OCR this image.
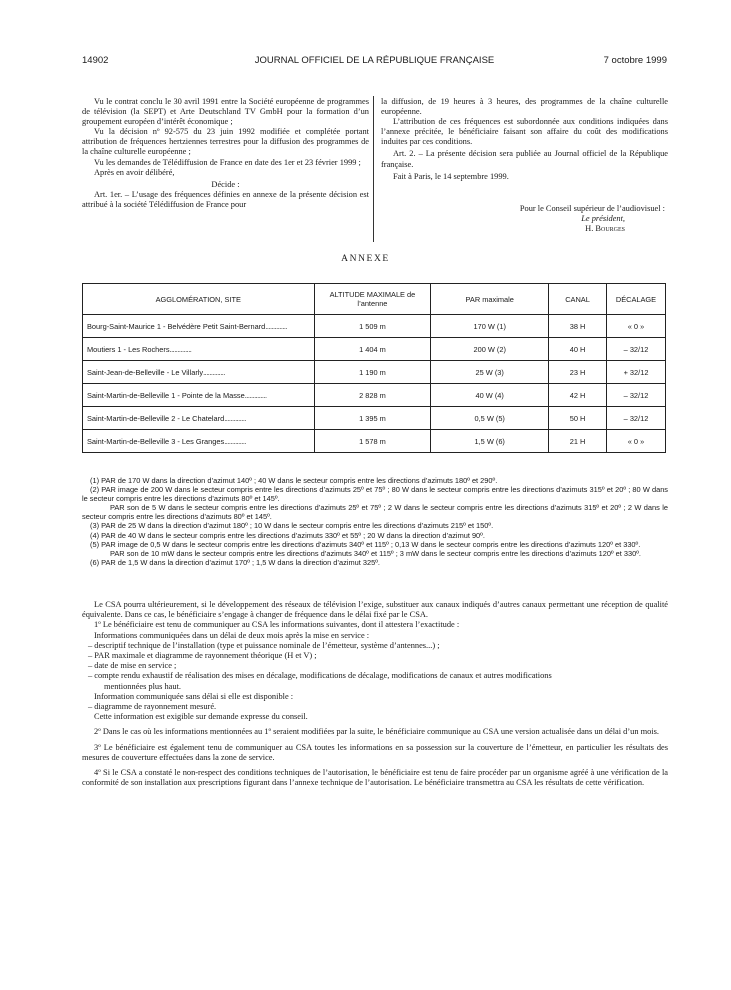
14902	JOURNAL OFFICIEL DE LA RÉPUBLIQUE FRANÇAISE	7 octobre 1999

Vu le contrat conclu le 30 avril 1991 entre la Société européenne de programmes de télévision (la SEPT) et Arte Deutschland TV GmbH pour la formation d’un groupement européen d’intérêt économique ;

Vu la décision nº 92-575 du 23 juin 1992 modifiée et complétée portant attribution de fréquences hertziennes terrestres pour la diffusion des programmes de la chaîne culturelle européenne ;

Vu les demandes de Télédiffusion de France en date des 1er et 23 février 1999 ;

Après en avoir délibéré,

Décide :

Art. 1er. – L’usage des fréquences définies en annexe de la présente décision est attribué à la société Télédiffusion de France pour

la diffusion, de 19 heures à 3 heures, des programmes de la chaîne culturelle européenne.

L’attribution de ces fréquences est subordonnée aux conditions indiquées dans l’annexe précitée, le bénéficiaire faisant son affaire du coût des modifications induites par ces conditions.

Art. 2. – La présente décision sera publiée au Journal officiel de la République française.

Fait à Paris, le 14 septembre 1999.

Pour le Conseil supérieur de l’audiovisuel :
Le président,
H. Bourges
ANNEXE
AGGLOMÉRATION, SITE	ALTITUDE MAXIMALE de l’antenne	PAR maximale	CANAL	DÉCALAGE
Bourg-Saint-Maurice 1 - Belvédère Petit Saint-Bernard..............	1 509 m	170 W (1)	38 H	« 0 »
Moutiers 1 - Les Rochers..............	1 404 m	200 W (2)	40 H	– 32/12
Saint-Jean-de-Belleville - Le Villarly..............	1 190 m	25 W (3)	23 H	+ 32/12
Saint-Martin-de-Belleville 1 - Pointe de la Masse..............	2 828 m	40 W (4)	42 H	– 32/12
Saint-Martin-de-Belleville 2 - Le Chatelard..............	1 395 m	0,5 W (5)	50 H	– 32/12
Saint-Martin-de-Belleville 3 - Les Granges..............	1 578 m	1,5 W (6)	21 H	« 0 »

(1) PAR de 170 W dans la direction d’azimut 140º ; 40 W dans le secteur compris entre les directions d’azimuts 180º et 290º.

(2) PAR image de 200 W dans le secteur compris entre les directions d’azimuts 25º et 75º ; 80 W dans le secteur compris entre les directions d’azimuts 315º et 20º ; 80 W dans le secteur compris entre les directions d’azimuts 80º et 145º.

PAR son de 5 W dans le secteur compris entre les directions d’azimuts 25º et 75º ; 2 W dans le secteur compris entre les directions d’azimuts 315º et 20º ; 2 W dans le secteur compris entre les directions d’azimuts 80º et 145º.

(3) PAR de 25 W dans la direction d’azimut 180º ; 10 W dans le secteur compris entre les directions d’azimuts 215º et 150º.

(4) PAR de 40 W dans le secteur compris entre les directions d’azimuts 330º et 55º ; 20 W dans la direction d’azimut 90º.

(5) PAR image de 0,5 W dans le secteur compris entre les directions d’azimuts 340º et 115º ; 0,13 W dans le secteur compris entre les directions d’azimuts 120º et 330º.

PAR son de 10 mW dans le secteur compris entre les directions d’azimuts 340º et 115º ; 3 mW dans le secteur compris entre les directions d’azimuts 120º et 330º.

(6) PAR de 1,5 W dans la direction d’azimut 170º ; 1,5 W dans la direction d’azimut 325º.

Le CSA pourra ultérieurement, si le développement des réseaux de télévision l’exige, substituer aux canaux indiqués d’autres canaux permettant une réception de qualité équivalente. Dans ce cas, le bénéficiaire s’engage à changer de fréquence dans le délai fixé par le CSA.

1º Le bénéficiaire est tenu de communiquer au CSA les informations suivantes, dont il attestera l’exactitude :

Informations communiquées dans un délai de deux mois après la mise en service :

– descriptif technique de l’installation (type et puissance nominale de l’émetteur, système d’antennes...) ;

– PAR maximale et diagramme de rayonnement théorique (H et V) ;

– date de mise en service ;

– compte rendu exhaustif de réalisation des mises en décalage, modifications de décalage, modifications de canaux et autres modifications

mentionnées plus haut.

Information communiquée sans délai si elle est disponible :

– diagramme de rayonnement mesuré.

Cette information est exigible sur demande expresse du conseil.

2º Dans le cas où les informations mentionnées au 1º seraient modifiées par la suite, le bénéficiaire communique au CSA une version actualisée dans un délai d’un mois.

3º Le bénéficiaire est également tenu de communiquer au CSA toutes les informations en sa possession sur la couverture de l’émetteur, en particulier les résultats des mesures de couverture effectuées dans la zone de service.

4º Si le CSA a constaté le non-respect des conditions techniques de l’autorisation, le bénéficiaire est tenu de faire procéder par un organisme agréé à une vérification de la conformité de son installation aux prescriptions figurant dans l’annexe technique de l’autorisation. Le bénéficiaire transmettra au CSA les résultats de cette vérification.
